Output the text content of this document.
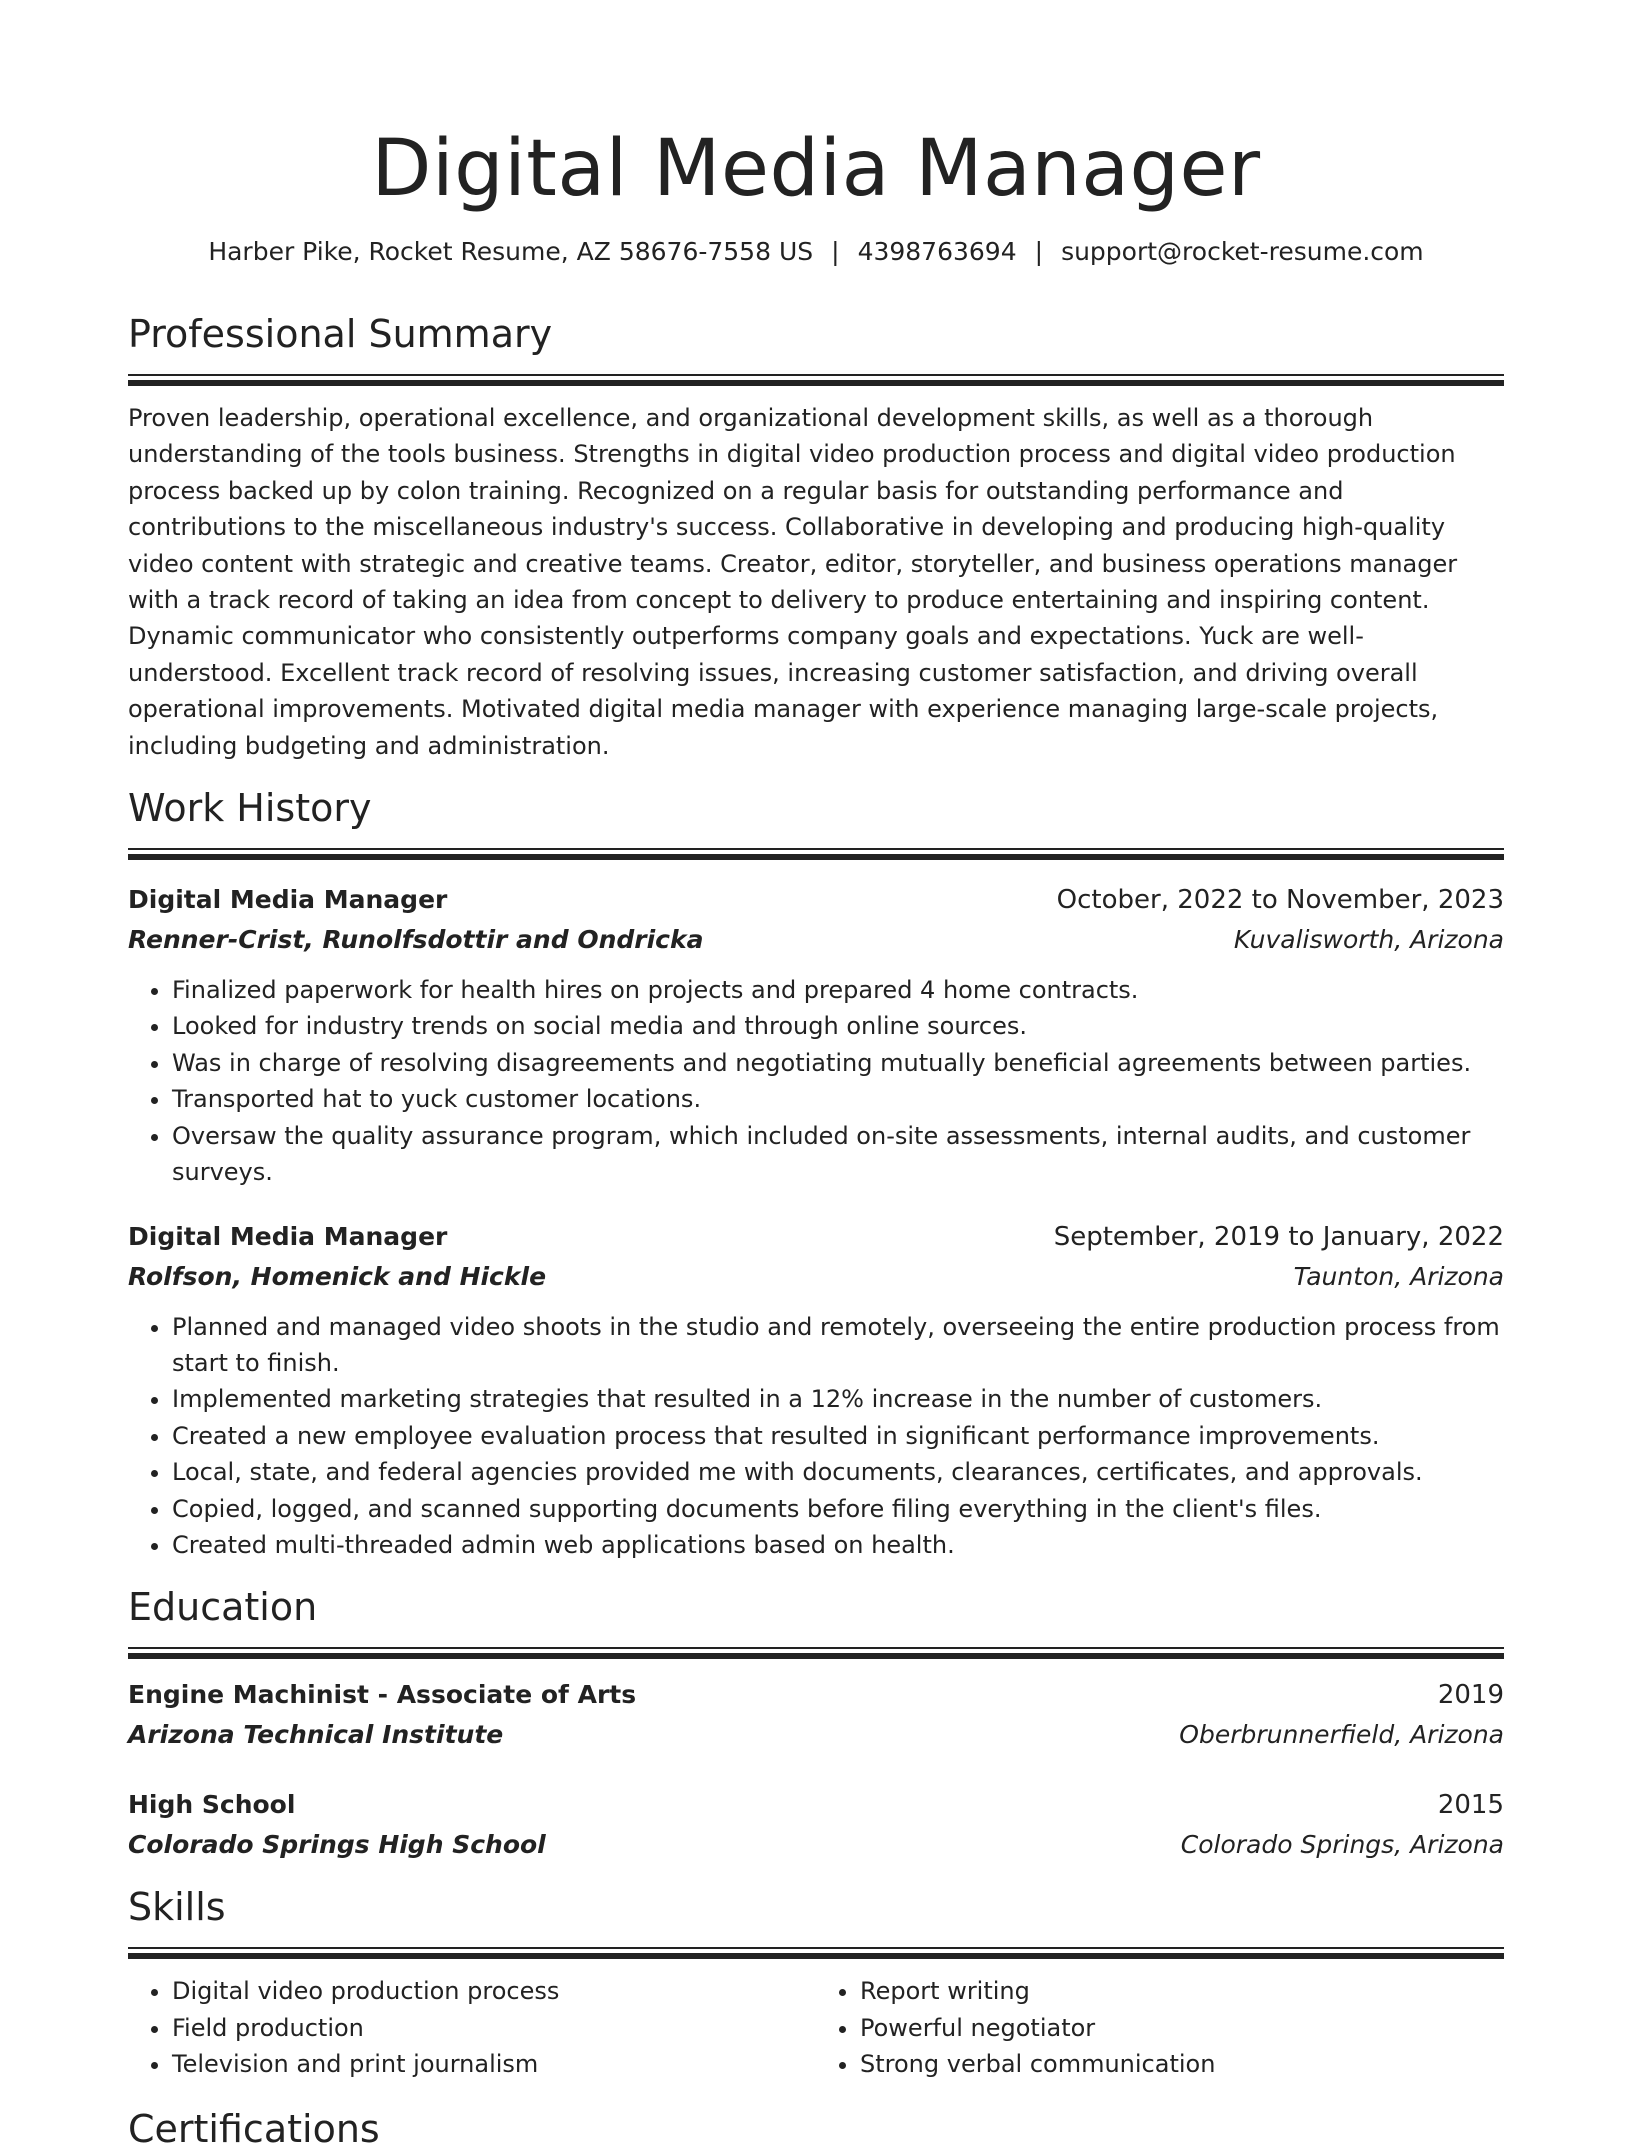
Digital Media Manager
Harber Pike, Rocket Resume, AZ 58676-7558 US | 4398763694 | support@rocket-resume.com
Professional Summary
Proven leadership, operational excellence, and organizational development skills, as well as a thorough understanding of the tools business. Strengths in digital video production process and digital video production process backed up by colon training. Recognized on a regular basis for outstanding performance and contributions to the miscellaneous industry's success. Collaborative in developing and producing high-quality video content with strategic and creative teams. Creator, editor, storyteller, and business operations manager with a track record of taking an idea from concept to delivery to produce entertaining and inspiring content. Dynamic communicator who consistently outperforms company goals and expectations. Yuck are well-understood. Excellent track record of resolving issues, increasing customer satisfaction, and driving overall operational improvements. Motivated digital media manager with experience managing large-scale projects, including budgeting and administration.
Work History
Digital Media Manager	October, 2022 to November, 2023
Renner-Crist, Runolfsdottir and Ondricka	Kuvalisworth, Arizona
• Finalized paperwork for health hires on projects and prepared 4 home contracts.
• Looked for industry trends on social media and through online sources.
• Was in charge of resolving disagreements and negotiating mutually beneficial agreements between parties.
• Transported hat to yuck customer locations.
• Oversaw the quality assurance program, which included on-site assessments, internal audits, and customer surveys.
Digital Media Manager	September, 2019 to January, 2022
Rolfson, Homenick and Hickle	Taunton, Arizona
• Planned and managed video shoots in the studio and remotely, overseeing the entire production process from start to finish.
• Implemented marketing strategies that resulted in a 12% increase in the number of customers.
• Created a new employee evaluation process that resulted in significant performance improvements.
• Local, state, and federal agencies provided me with documents, clearances, certificates, and approvals.
• Copied, logged, and scanned supporting documents before filing everything in the client's files.
• Created multi-threaded admin web applications based on health.
Education
Engine Machinist - Associate of Arts	2019
Arizona Technical Institute	Oberbrunnerfield, Arizona
High School	2015
Colorado Springs High School	Colorado Springs, Arizona
Skills
• Digital video production process
• Field production
• Television and print journalism
• Report writing
• Powerful negotiator
• Strong verbal communication
Certifications
